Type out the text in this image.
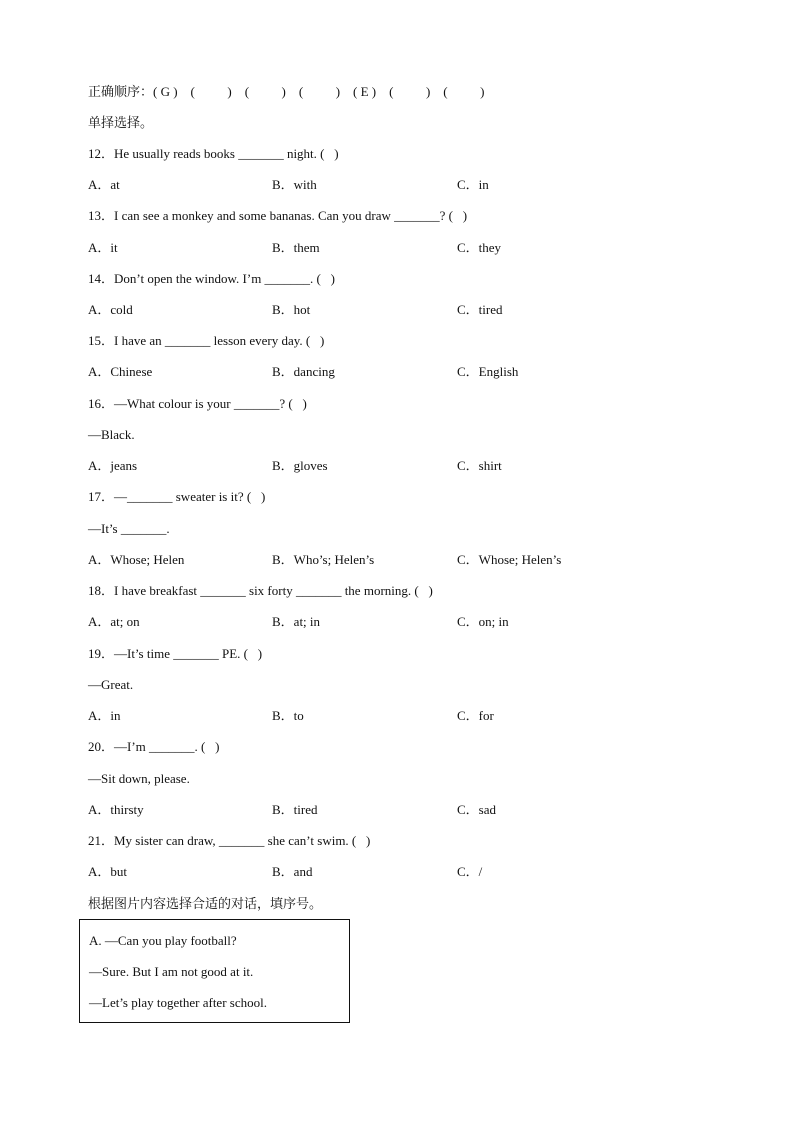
正确顺序：( G )    (          )    (          )    (          )    ( E )    (          )    (          )
单择选择。
12．He usually reads books _______ night. (   )
A．at	B．with	C．in
13．I can see a monkey and some bananas. Can you draw _______? (   )
A．it	B．them	C．they
14．Don’t open the window. I’m _______. (   )
A．cold	B．hot	C．tired
15．I have an _______ lesson every day. (   )
A．Chinese	B．dancing	C．English
16．—What colour is your _______? (   )
—Black.
A．jeans	B．gloves	C．shirt
17．—_______ sweater is it? (   )
—It’s _______.
A．Whose; Helen	B．Who’s; Helen’s	C．Whose; Helen’s
18．I have breakfast _______ six forty _______ the morning. (   )
A．at; on	B．at; in	C．on; in
19．—It’s time _______ PE. (   )
—Great.
A．in	B．to	C．for
20．—I’m _______. (   )
—Sit down, please.
A．thirsty	B．tired	C．sad
21．My sister can draw, _______ she can’t swim. (   )
A．but	B．and	C．/
根据图片内容选择合适的对话，填序号。
A. —Can you play football?
—Sure. But I am not good at it.
—Let’s play together after school.
